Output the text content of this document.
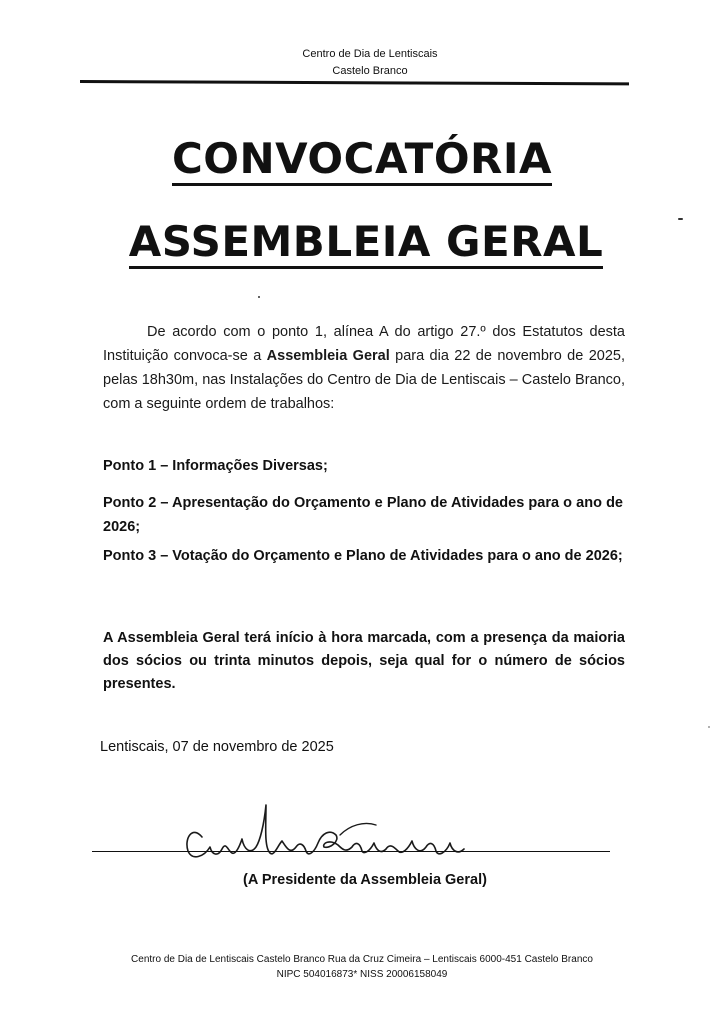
Centro de Dia de Lentiscais
Castelo Branco
CONVOCATÓRIA
ASSEMBLEIA GERAL
De acordo com o ponto 1, alínea A do artigo 27.º dos Estatutos desta Instituição convoca-se a Assembleia Geral para dia 22 de novembro de 2025, pelas 18h30m, nas Instalações do Centro de Dia de Lentiscais – Castelo Branco, com a seguinte ordem de trabalhos:
Ponto 1 – Informações Diversas;
Ponto 2 – Apresentação do Orçamento e Plano de Atividades para o ano de 2026;
Ponto 3 – Votação do Orçamento e Plano de Atividades para o ano de 2026;
A Assembleia Geral terá início à hora marcada, com a presença da maioria dos sócios ou trinta minutos depois, seja qual for o número de sócios presentes.
Lentiscais, 07 de novembro de 2025
(A Presidente da Assembleia Geral)
Centro de Dia de Lentiscais Castelo Branco Rua da Cruz Cimeira – Lentiscais 6000-451 Castelo Branco
NIPC 504016873* NISS 20006158049
